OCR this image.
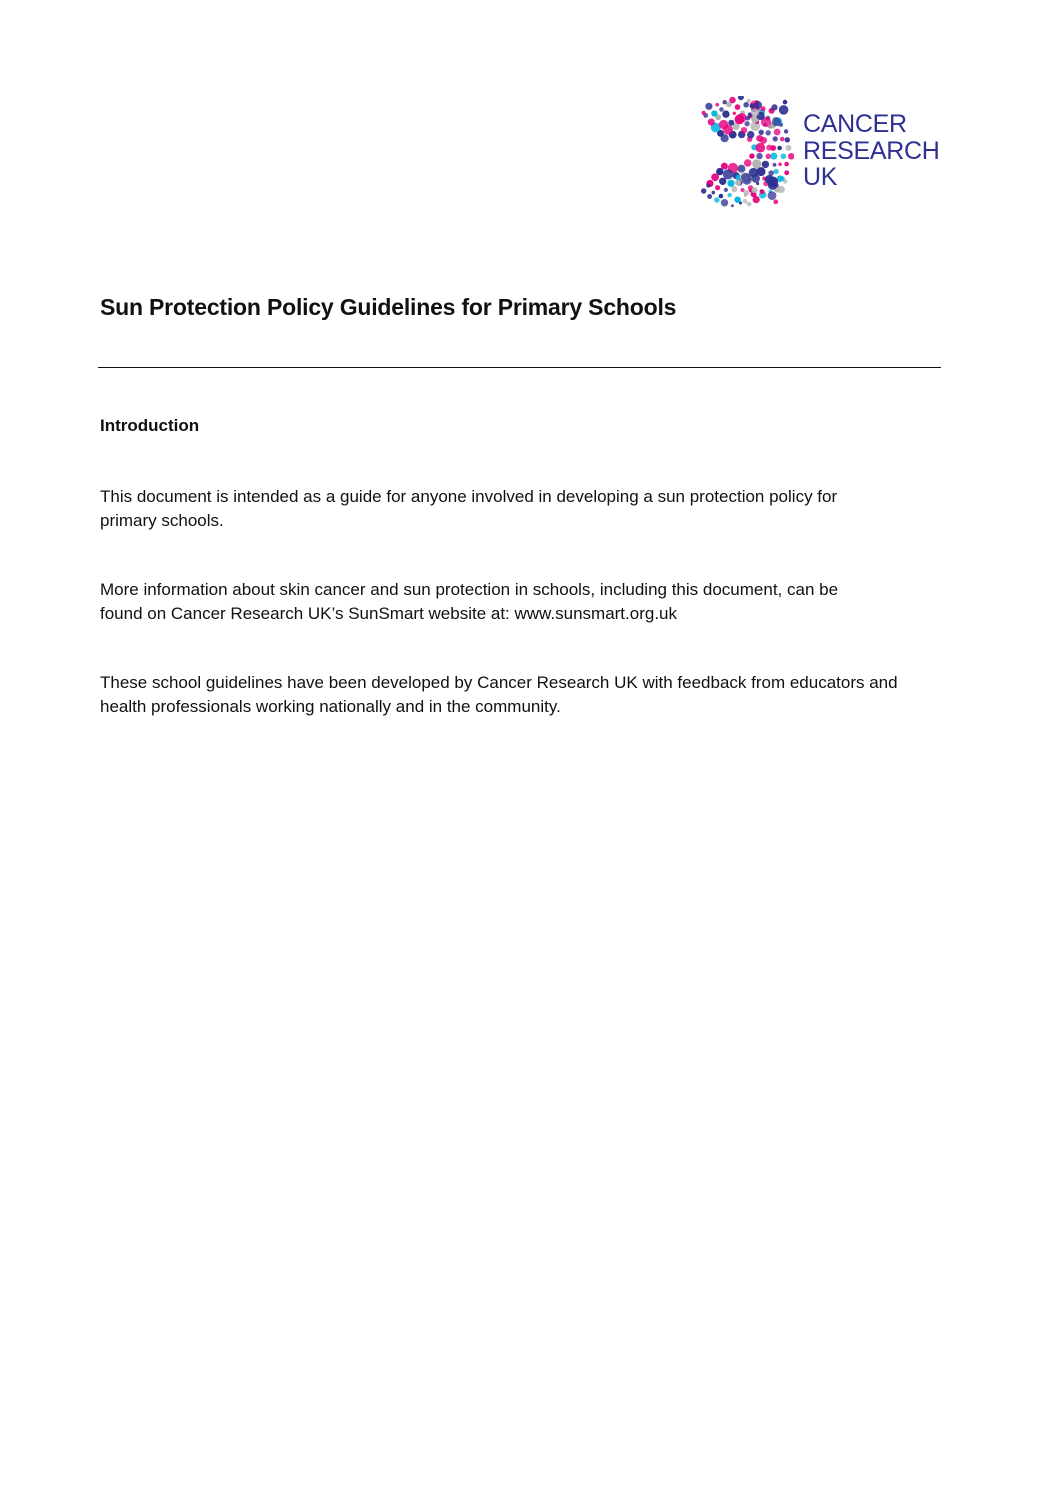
CANCER
RESEARCH
UK
Sun Protection Policy Guidelines for Primary Schools
Introduction

This document is intended as a guide for anyone involved in developing a sun protection policy for
primary schools.

More information about skin cancer and sun protection in schools, including this document, can be
found on Cancer Research UK’s SunSmart website at: www.sunsmart.org.uk

These school guidelines have been developed by Cancer Research UK with feedback from educators and
health professionals working nationally and in the community.
